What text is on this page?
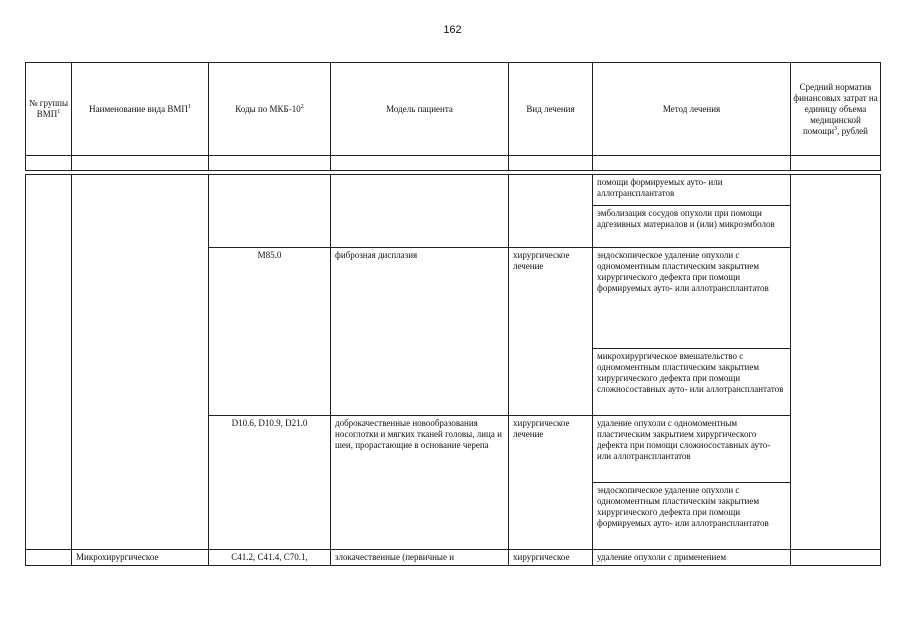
162
№ группы ВМП$^1$	Наименование вида ВМП$^1$	Коды по МКБ-$10^2$	Модель пациента	Вид лечения	Метод лечения	Средний норматив финансовых затрат на единицу объема медицинской помощи$^3$, рублей

					помощи формируемых ауто- или аллотрансплантатов	
					эмболизация сосудов опухоли при помощи адгезивных материалов и (или) микроэмболов	
		M85.0	фиброзная дисплазия	хирургическое лечение	эндоскопическое удаление опухоли с одномоментным пластическим закрытием хирургического дефекта при помощи формируемых ауто- или аллотрансплантатов	
					микрохирургическое вмешательство с одномоментным пластическим закрытием хирургического дефекта при помощи сложносоставных ауто- или аллотрансплантатов	
		D10.6, D10.9, D21.0	доброкачественные новообразования носоглотки и мягких тканей головы, лица и шеи, прорастающие в основание черепа	хирургическое лечение	удаление опухоли с одномоментным пластическим закрытием хирургического дефекта при помощи сложносоставных ауто- или аллотрансплантатов	
					эндоскопическое удаление опухоли с одномоментным пластическим закрытием хирургического дефекта при помощи формируемых ауто- или аллотрансплантатов	
	Микрохирургическое	C41.2, C41.4, C70.1,	злокачественные (первичные и	хирургическое	удаление опухоли с применением	
